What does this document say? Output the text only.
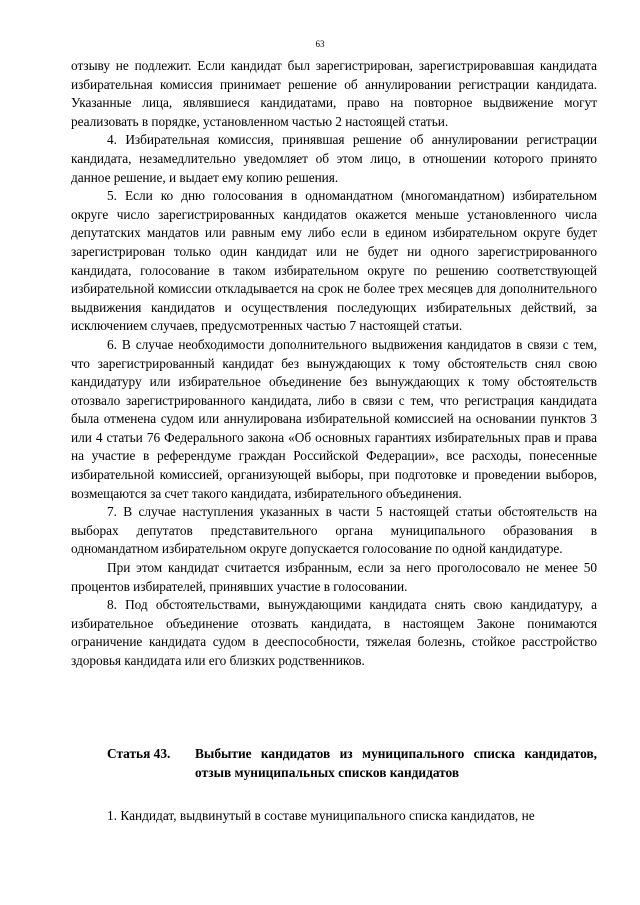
63

отзыву не подлежит. Если кандидат был зарегистрирован, зарегистрировавшая кандидата избирательная комиссия принимает решение об аннулировании регистрации кандидата. Указанные лица, являвшиеся кандидатами, право на повторное выдвижение могут реализовать в порядке, установленном частью 2 настоящей статьи.

4. Избирательная комиссия, принявшая решение об аннулировании регистрации кандидата, незамедлительно уведомляет об этом лицо, в отношении которого принято данное решение, и выдает ему копию решения.

5. Если ко дню голосования в одномандатном (многомандатном) избирательном округе число зарегистрированных кандидатов окажется меньше установленного числа депутатских мандатов или равным ему либо если в едином избирательном округе будет зарегистрирован только один кандидат или не будет ни одного зарегистрированного кандидата, голосование в таком избирательном округе по решению соответствующей избирательной комиссии откладывается на срок не более трех месяцев для дополнительного выдвижения кандидатов и осуществления последующих избирательных действий, за исключением случаев, предусмотренных частью 7 настоящей статьи.

6. В случае необходимости дополнительного выдвижения кандидатов в связи с тем, что зарегистрированный кандидат без вынуждающих к тому обстоятельств снял свою кандидатуру или избирательное объединение без вынуждающих к тому обстоятельств отозвало зарегистрированного кандидата, либо в связи с тем, что регистрация кандидата была отменена судом или аннулирована избирательной комиссией на основании пунктов 3 или 4 статьи 76 Федерального закона «Об основных гарантиях избирательных прав и права на участие в референдуме граждан Российской Федерации», все расходы, понесенные избирательной комиссией, организующей выборы, при подготовке и проведении выборов, возмещаются за счет такого кандидата, избирательного объединения.

7. В случае наступления указанных в части 5 настоящей статьи обстоятельств на выборах депутатов представительного органа муниципального образования в одномандатном избирательном округе допускается голосование по одной кандидатуре.

При этом кандидат считается избранным, если за него проголосовало не менее 50 процентов избирателей, принявших участие в голосовании.

8. Под обстоятельствами, вынуждающими кандидата снять свою кандидатуру, а избирательное объединение отозвать кандидата, в настоящем Законе понимаются ограничение кандидата судом в дееспособности, тяжелая болезнь, стойкое расстройство здоровья кандидата или его близких родственников.

Статья 43.	Выбытие кандидатов из муниципального списка кандидатов, отзыв муниципальных списков кандидатов

1. Кандидат, выдвинутый в составе муниципального списка кандидатов, не
